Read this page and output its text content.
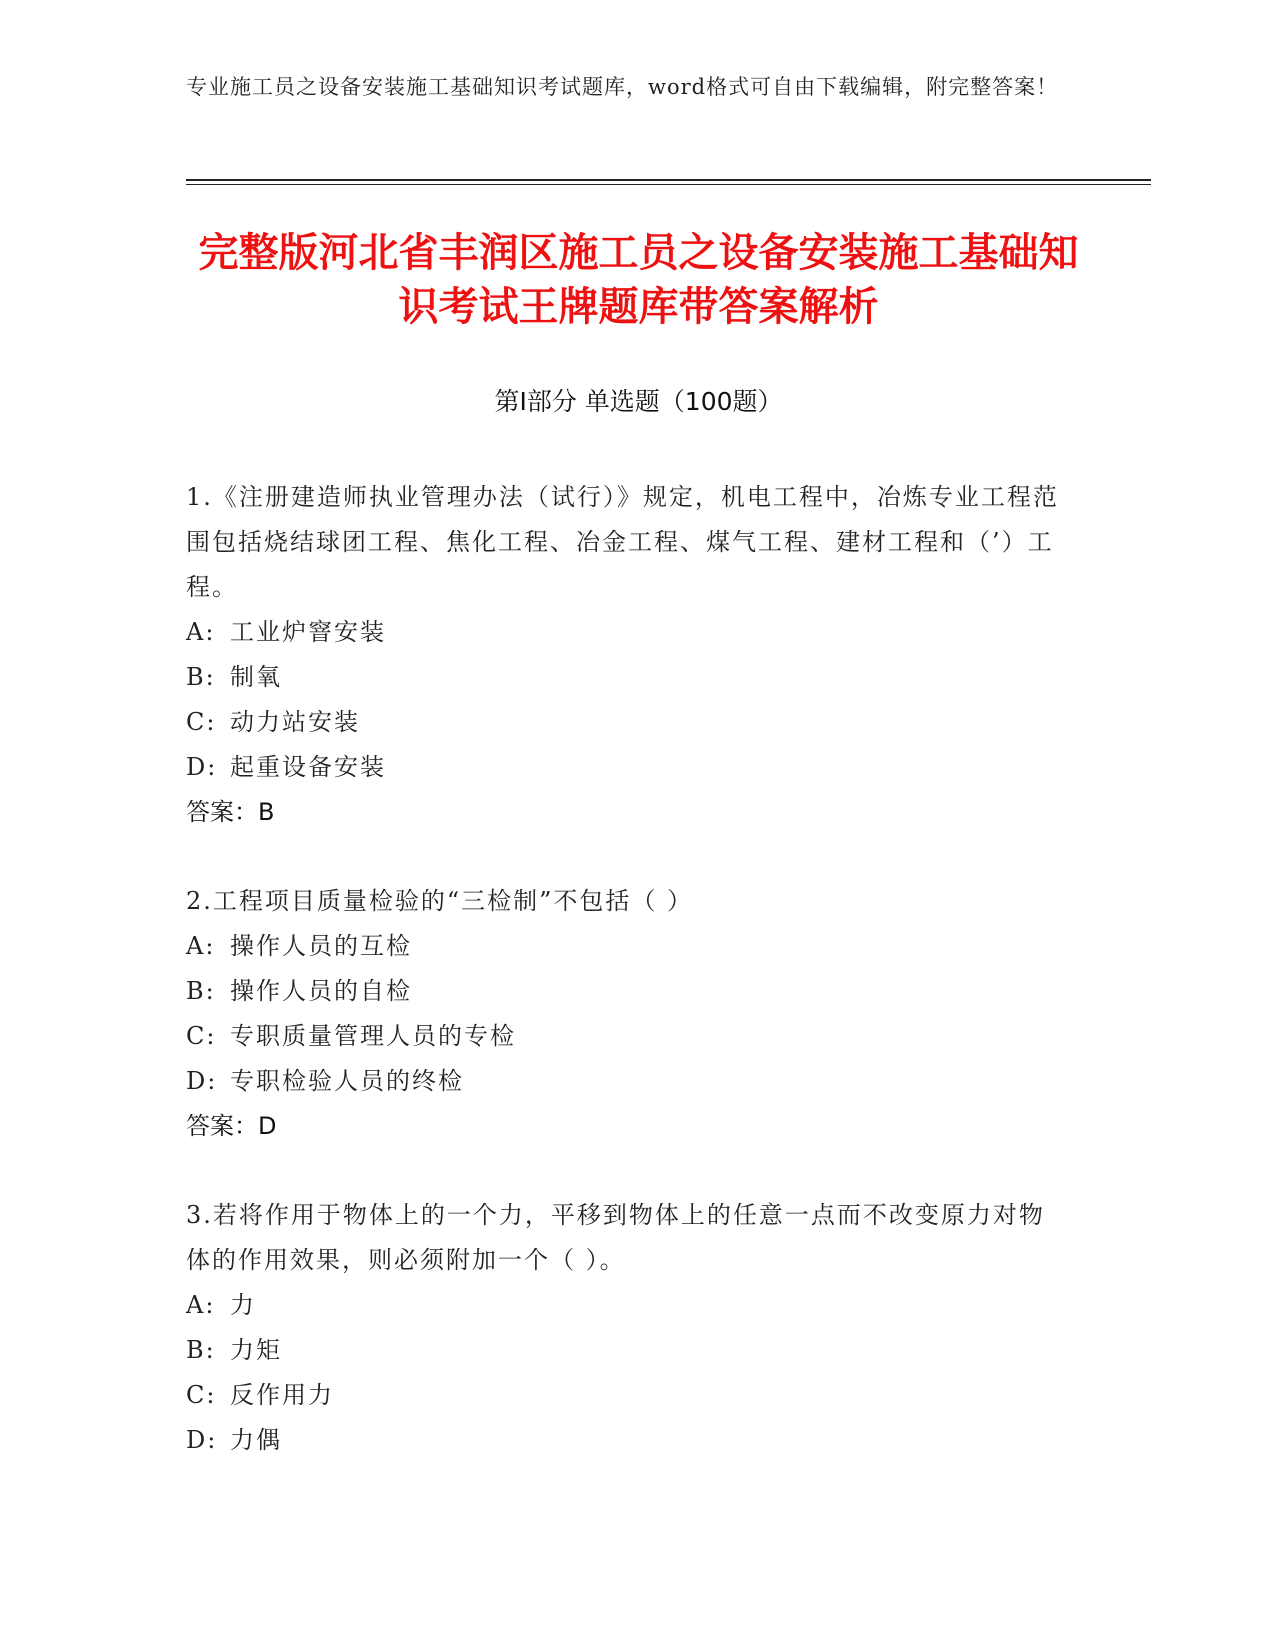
专业施工员之设备安装施工基础知识考试题库，word格式可自由下载编辑，附完整答案！
完整版河北省丰润区施工员之设备安装施工基础知识考试王牌题库带答案解析
第Ⅰ部分 单选题（100题）
1.《注册建造师执业管理办法（试行）》规定，机电工程中，冶炼专业工程范围包括烧结球团工程、焦化工程、冶金工程、煤气工程、建材工程和（’）工程。
A: 工业炉窨安装
B: 制氧
C: 动力站安装
D: 起重设备安装
答案：B
2.工程项目质量检验的“三检制”不包括（ ）
A: 操作人员的互检
B: 操作人员的自检
C: 专职质量管理人员的专检
D: 专职检验人员的终检
答案：D
3.若将作用于物体上的一个力，平移到物体上的任意一点而不改变原力对物体的作用效果，则必须附加一个（ ）。
A: 力
B: 力矩
C: 反作用力
D: 力偶
